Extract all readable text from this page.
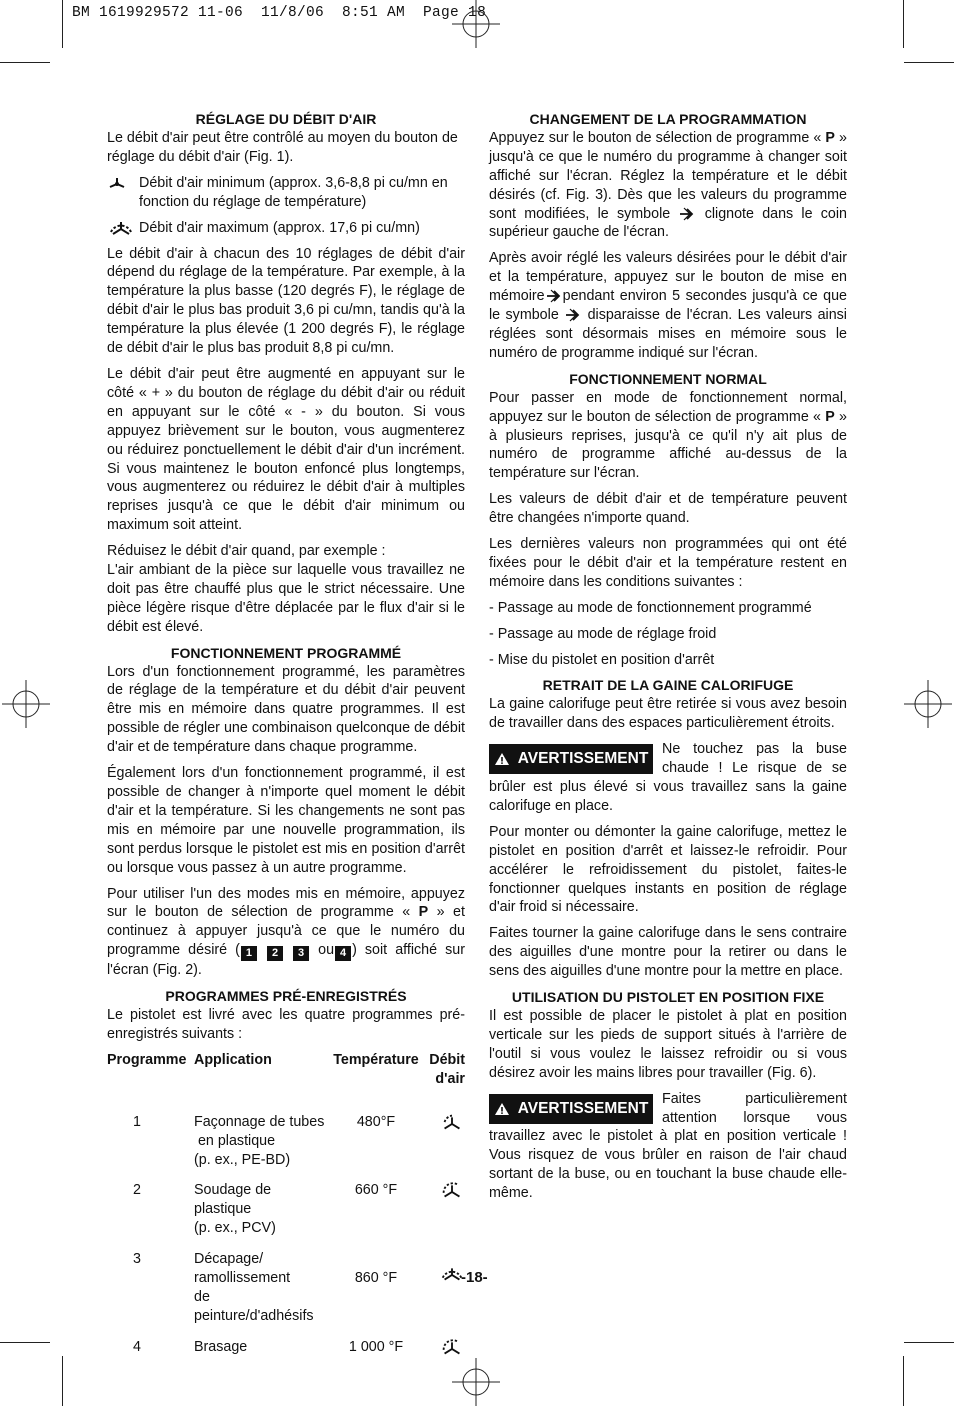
BM 1619929572 11-06  11/8/06  8:51 AM  Page 18
RÉGLAGE DU DÉBIT D'AIR

Le débit d'air peut être contrôlé au moyen du bouton de réglage du débit d'air (Fig. 1).

Débit d'air minimum (approx. 3,6-8,8 pi cu/mn en fonction du réglage de température)
Débit d'air maximum (approx. 17,6 pi cu/mn)

Le débit d'air à chacun des 10 réglages de débit d'air dépend du réglage de la température. Par exemple, à la température la plus basse (120 degrés F), le réglage de débit d'air le plus bas produit 3,6 pi cu/mn, tandis qu'à la température la plus élevée (1 200 degrés F), le réglage de débit d'air le plus bas produit 8,8 pi cu/mn.

Le débit d'air peut être augmenté en appuyant sur le côté « + » du bouton de réglage du débit d'air ou réduit en appuyant sur le côté « - » du bouton. Si vous appuyez brièvement sur le bouton, vous augmenterez ou réduirez ponctuellement le débit d'air d'un incrément. Si vous maintenez le bouton enfoncé plus longtemps, vous augmenterez ou réduirez le débit d'air à multiples reprises jusqu'à ce que le débit d'air minimum ou maximum soit atteint.

Réduisez le débit d'air quand, par exemple :
L'air ambiant de la pièce sur laquelle vous travaillez ne doit pas être chauffé plus que le strict nécessaire. Une pièce légère risque d'être déplacée par le flux d'air si le débit est élevé.

FONCTIONNEMENT PROGRAMMÉ

Lors d'un fonctionnement programmé, les paramètres de réglage de la température et du débit d'air peuvent être mis en mémoire dans quatre programmes. Il est possible de régler une combinaison quelconque de débit d'air et de température dans chaque programme.

Également lors d'un fonctionnement programmé, il est possible de changer à n'importe quel moment le débit d'air et la température. Si les changements ne sont pas mis en mémoire par une nouvelle programmation, ils sont perdus lorsque le pistolet est mis en position d'arrêt ou lorsque vous passez à un autre programme.

Pour utiliser l'un des modes mis en mémoire, appuyez sur le bouton de sélection de programme « P » et continuez à appuyer jusqu'à ce que le numéro du programme désiré ( 1 2 3 ou 4 ) soit affiché sur l'écran (Fig. 2).

PROGRAMMES PRÉ-ENREGISTRÉS

Le pistolet est livré avec les quatre programmes pré-enregistrés suivants :

Programme	Application	Température	Débit d'air

1	Façonnage de tubes
en plastique
(p. ex., PE-BD)	480°F	

2	Soudage de plastique
(p. ex., PCV)	660 °F	

3	Décapage/
ramollissement
de peinture/d'adhésifs	860 °F	

4	Brasage	1 000 °F	
CHANGEMENT DE LA PROGRAMMATION

Appuyez sur le bouton de sélection de programme « P » jusqu'à ce que le numéro du programme à changer soit affiché sur l'écran. Réglez la température et le débit désirés (cf. Fig. 3). Dès que les valeurs du programme sont modifiées, le symbole clignote dans le coin supérieur gauche de l'écran.

Après avoir réglé les valeurs désirées pour le débit d'air et la température, appuyez sur le bouton de mise en mémoire pendant environ 5 secondes jusqu'à ce que le symbole disparaisse de l'écran. Les valeurs ainsi réglées sont désormais mises en mémoire sous le numéro de programme indiqué sur l'écran.

FONCTIONNEMENT NORMAL

Pour passer en mode de fonctionnement normal, appuyez sur le bouton de sélection de programme « P » à plusieurs reprises, jusqu'à ce qu'il n'y ait plus de numéro de programme affiché au-dessus de la température sur l'écran.

Les valeurs de débit d'air et de température peuvent être changées n'importe quand.

Les dernières valeurs non programmées qui ont été fixées pour le débit d'air et la température restent en mémoire dans les conditions suivantes :

- Passage au mode de fonctionnement programmé
- Passage au mode de réglage froid
- Mise du pistolet en position d'arrêt
RETRAIT DE LA GAINE CALORIFUGE

La gaine calorifuge peut être retirée si vous avez besoin de travailler dans des espaces particulièrement étroits.

AVERTISSEMENT
Ne touchez pas la buse chaude ! Le risque de se brûler est plus élevé si vous travaillez sans la gaine calorifuge en place.

Pour monter ou démonter la gaine calorifuge, mettez le pistolet en position d'arrêt et laissez-le refroidir. Pour accélérer le refroidissement du pistolet, faites-le fonctionner quelques instants en position de réglage d'air froid si nécessaire.

Faites tourner la gaine calorifuge dans le sens contraire des aiguilles d'une montre pour la retirer ou dans le sens des aiguilles d'une montre pour la mettre en place.

UTILISATION DU PISTOLET EN POSITION FIXE

Il est possible de placer le pistolet à plat en position verticale sur les pieds de support situés à l'arrière de l'outil si vous voulez le laissez refroidir ou si vous désirez avoir les mains libres pour travailler (Fig. 6).

AVERTISSEMENT
Faites particulièrement attention lorsque vous travaillez avec le pistolet à plat en position verticale ! Vous risquez de vous brûler en raison de l'air chaud sortant de la buse, ou en touchant la buse chaude elle-même.

-18-
